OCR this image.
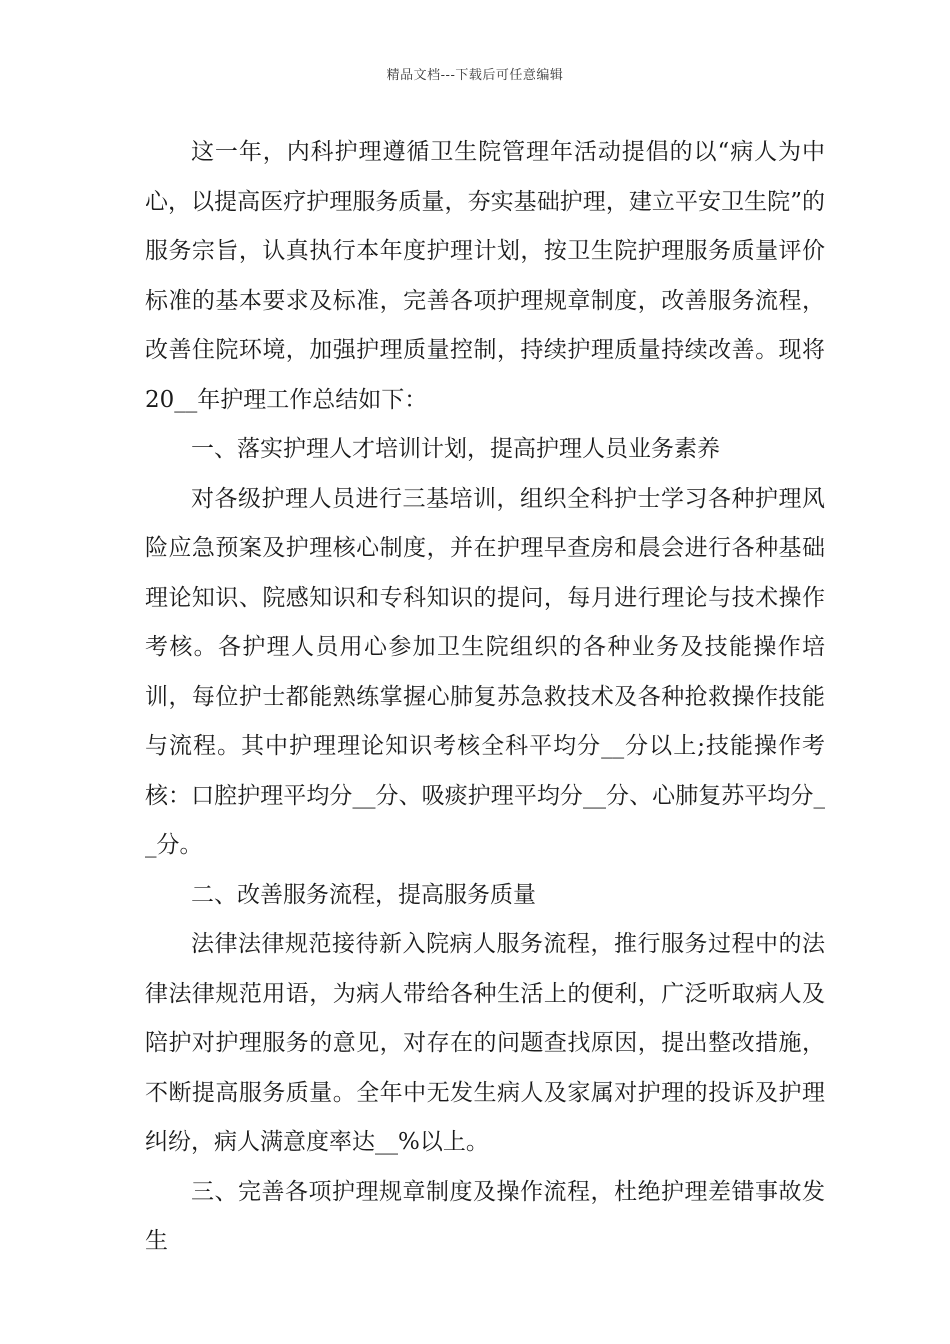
精品文档---下载后可任意编辑

这一年，内科护理遵循卫生院管理年活动提倡的以“病人为中心，以提高医疗护理服务质量，夯实基础护理，建立平安卫生院”的服务宗旨，认真执行本年度护理计划，按卫生院护理服务质量评价标准的基本要求及标准，完善各项护理规章制度，改善服务流程，改善住院环境，加强护理质量控制，持续护理质量持续改善。现将20__年护理工作总结如下：

一、落实护理人才培训计划，提高护理人员业务素养

对各级护理人员进行三基培训，组织全科护士学习各种护理风险应急预案及护理核心制度，并在护理早查房和晨会进行各种基础理论知识、院感知识和专科知识的提问，每月进行理论与技术操作考核。各护理人员用心参加卫生院组织的各种业务及技能操作培训，每位护士都能熟练掌握心肺复苏急救技术及各种抢救操作技能与流程。其中护理理论知识考核全科平均分__分以上;技能操作考核：口腔护理平均分__分、吸痰护理平均分__分、心肺复苏平均分__分。

二、改善服务流程，提高服务质量

法律法律规范接待新入院病人服务流程，推行服务过程中的法律法律规范用语，为病人带给各种生活上的便利，广泛听取病人及陪护对护理服务的意见，对存在的问题查找原因，提出整改措施，不断提高服务质量。全年中无发生病人及家属对护理的投诉及护理纠纷，病人满意度率达__%以上。

三、完善各项护理规章制度及操作流程，杜绝护理差错事故发生
